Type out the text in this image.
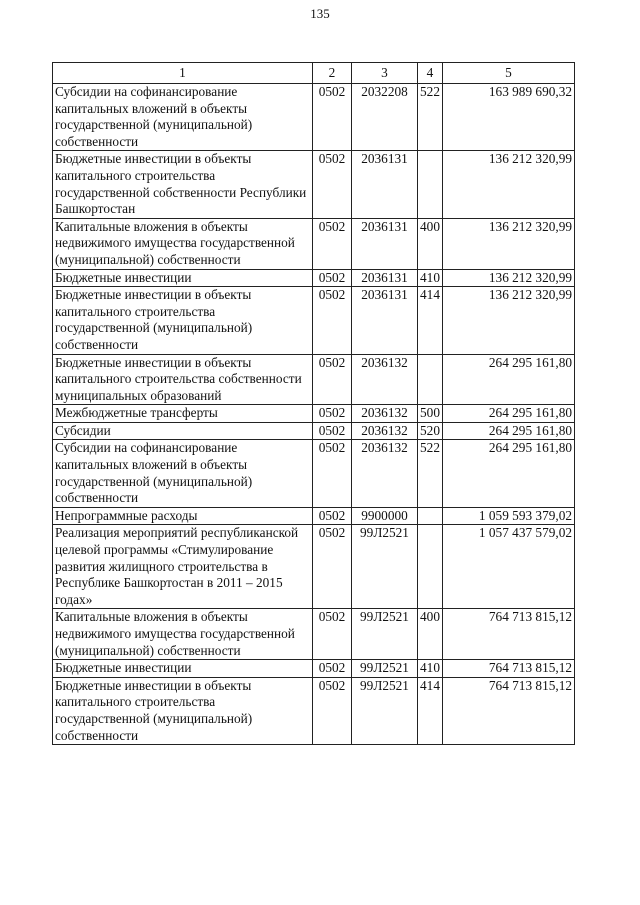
135
1	2	3	4	5
Субсидии на софинансирование капитальных вложений в объекты государственной (муниципальной) собственности	0502	2032208	522	163 989 690,32
Бюджетные инвестиции в объекты капитального строительства государственной собственности Республики Башкортостан	0502	2036131		136 212 320,99
Капитальные вложения в объекты недвижимого имущества государственной (муниципальной) собственности	0502	2036131	400	136 212 320,99
Бюджетные инвестиции	0502	2036131	410	136 212 320,99
Бюджетные инвестиции в объекты капитального строительства государственной (муниципальной) собственности	0502	2036131	414	136 212 320,99
Бюджетные инвестиции в объекты капитального строительства собственности муниципальных образований	0502	2036132		264 295 161,80
Межбюджетные трансферты	0502	2036132	500	264 295 161,80
Субсидии	0502	2036132	520	264 295 161,80
Субсидии на софинансирование капитальных вложений в объекты государственной (муниципальной) собственности	0502	2036132	522	264 295 161,80
Непрограммные расходы	0502	9900000		1 059 593 379,02
Реализация мероприятий республиканской целевой программы «Стимулирование развития жилищного строительства в Республике Башкортостан в 2011 – 2015 годах»	0502	99Л2521		1 057 437 579,02
Капитальные вложения в объекты недвижимого имущества государственной (муниципальной) собственности	0502	99Л2521	400	764 713 815,12
Бюджетные инвестиции	0502	99Л2521	410	764 713 815,12
Бюджетные инвестиции в объекты капитального строительства государственной (муниципальной) собственности	0502	99Л2521	414	764 713 815,12
